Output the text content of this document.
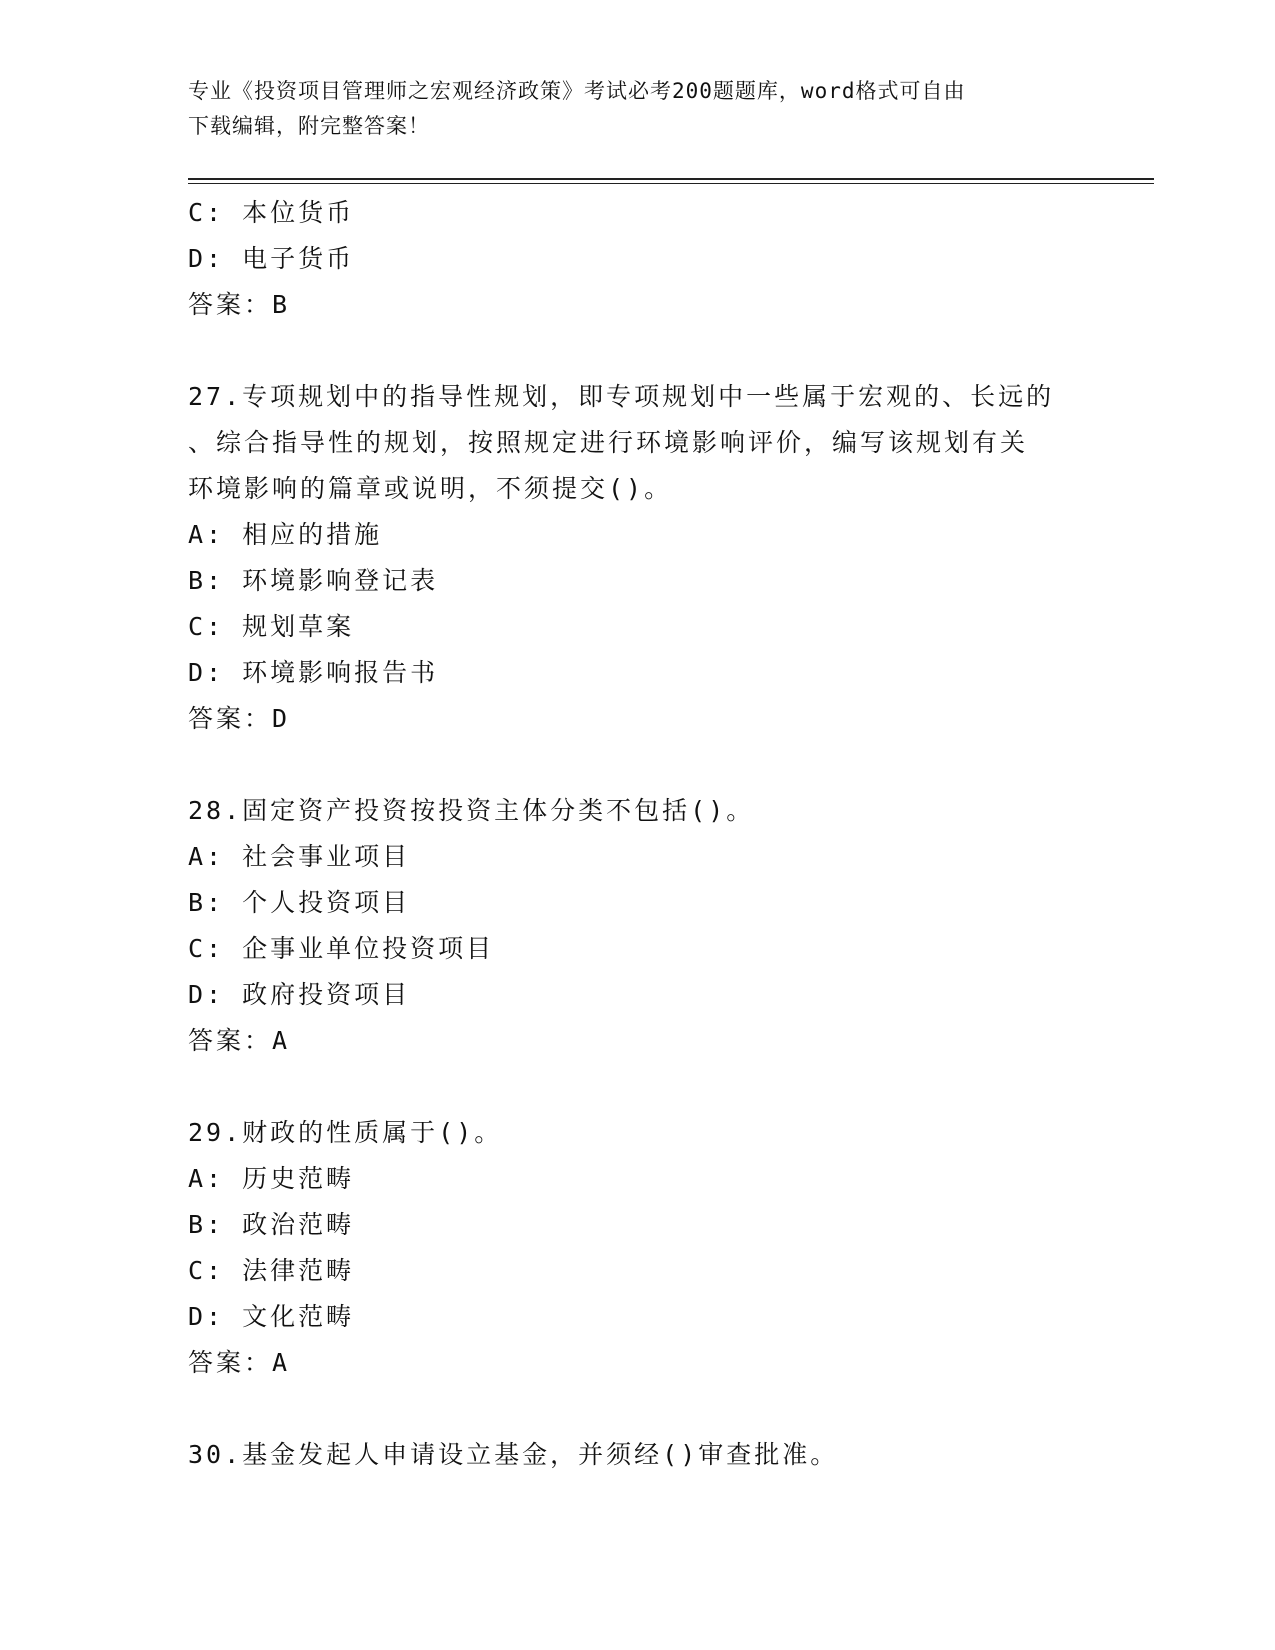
专业《投资项目管理师之宏观经济政策》考试必考200题题库，word格式可自由
下载编辑，附完整答案！
C: 本位货币
D: 电子货币
答案：B
27.专项规划中的指导性规划，即专项规划中一些属于宏观的、长远的
、综合指导性的规划，按照规定进行环境影响评价，编写该规划有关
环境影响的篇章或说明，不须提交()。
A: 相应的措施
B: 环境影响登记表
C: 规划草案
D: 环境影响报告书
答案：D
28.固定资产投资按投资主体分类不包括()。
A: 社会事业项目
B: 个人投资项目
C: 企事业单位投资项目
D: 政府投资项目
答案：A
29.财政的性质属于()。
A: 历史范畴
B: 政治范畴
C: 法律范畴
D: 文化范畴
答案：A
30.基金发起人申请设立基金，并须经()审查批准。
